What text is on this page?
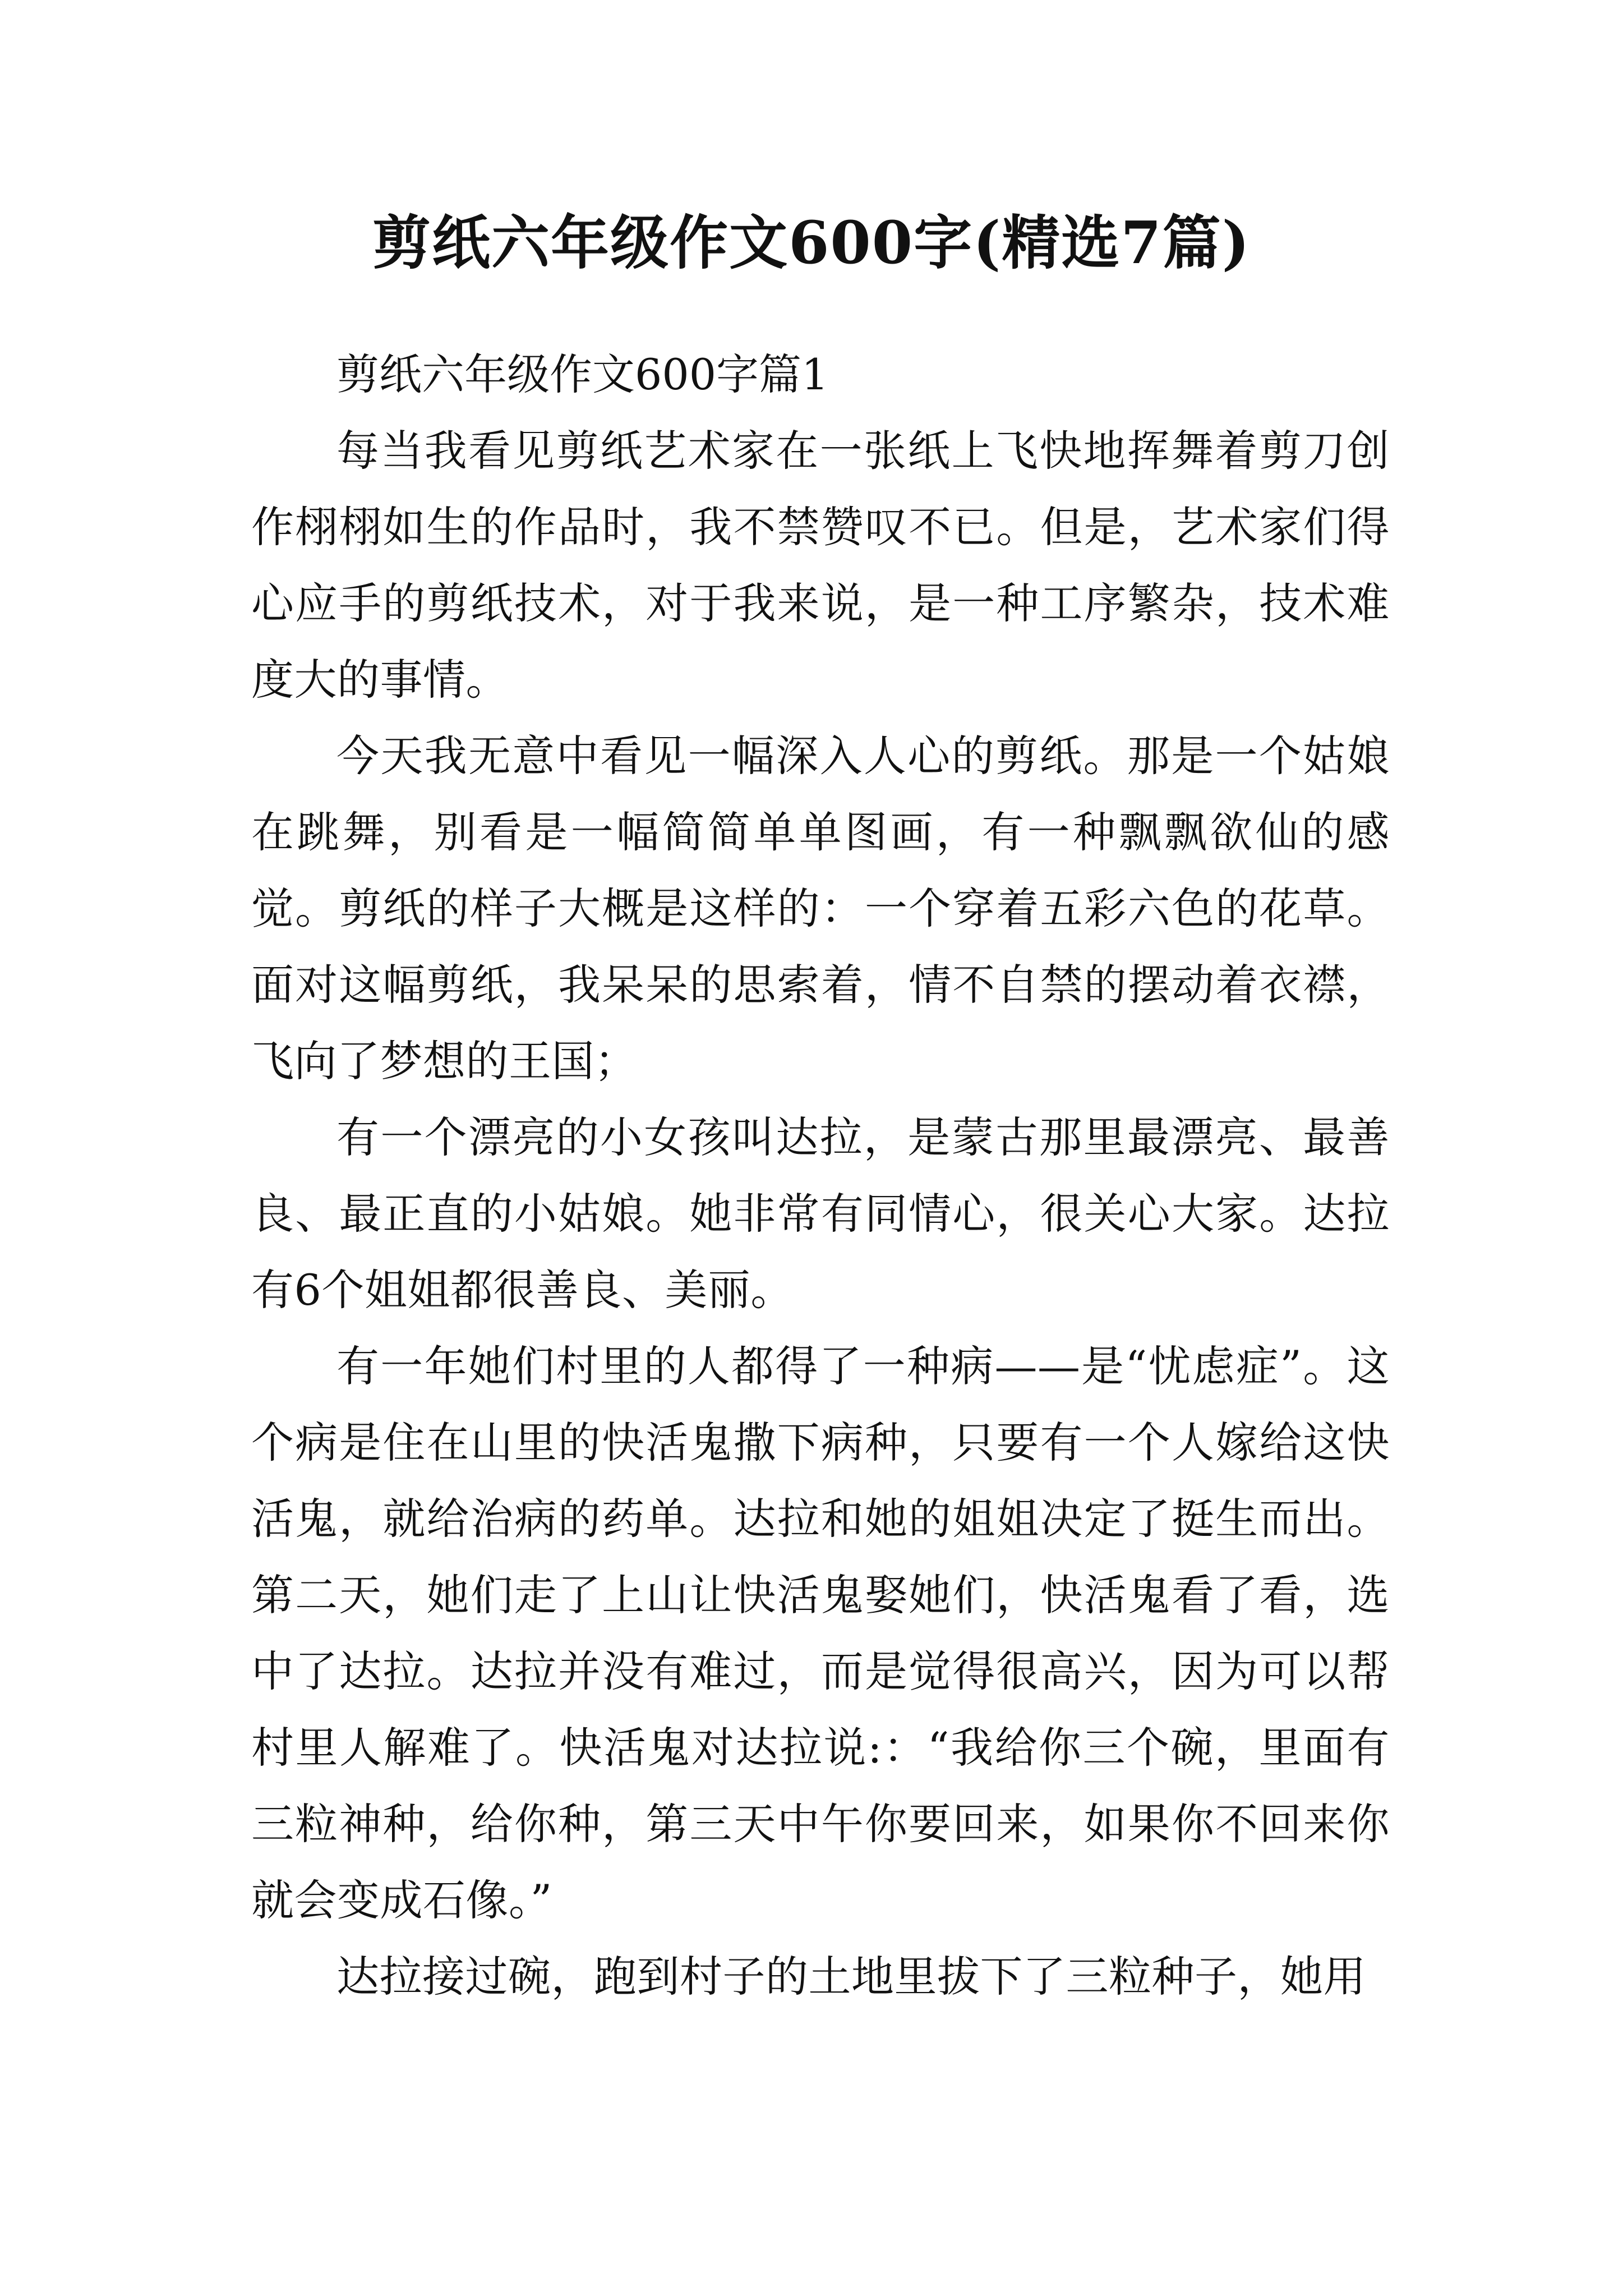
剪纸六年级作文600字(精选7篇)
剪纸六年级作文600字篇1

每当我看见剪纸艺术家在一张纸上飞快地挥舞着剪刀创作栩栩如生的作品时，我不禁赞叹不已。但是，艺术家们得心应手的剪纸技术，对于我来说，是一种工序繁杂，技术难度大的事情。

今天我无意中看见一幅深入人心的剪纸。那是一个姑娘在跳舞，别看是一幅简简单单图画，有一种飘飘欲仙的感觉。剪纸的样子大概是这样的：一个穿着五彩六色的花草。面对这幅剪纸，我呆呆的思索着，情不自禁的摆动着衣襟，飞向了梦想的王国；

有一个漂亮的小女孩叫达拉，是蒙古那里最漂亮、最善良、最正直的小姑娘。她非常有同情心，很关心大家。达拉有6个姐姐都很善良、美丽。

有一年她们村里的人都得了一种病——是“忧虑症”。这个病是住在山里的快活鬼撒下病种，只要有一个人嫁给这快活鬼，就给治病的药单。达拉和她的姐姐决定了挺生而出。第二天，她们走了上山让快活鬼娶她们，快活鬼看了看，选中了达拉。达拉并没有难过，而是觉得很高兴，因为可以帮村里人解难了。快活鬼对达拉说:：“我给你三个碗，里面有三粒神种，给你种，第三天中午你要回来，如果你不回来你就会变成石像。”

达拉接过碗，跑到村子的土地里拔下了三粒种子，她用
